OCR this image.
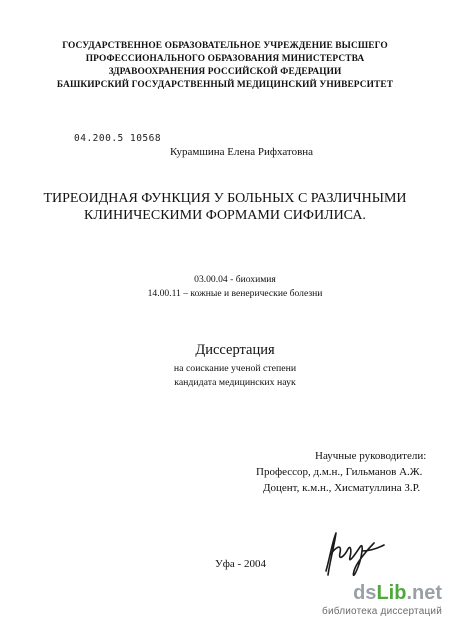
ГОСУДАРСТВЕННОЕ ОБРАЗОВАТЕЛЬНОЕ УЧРЕЖДЕНИЕ ВЫСШЕГО
ПРОФЕССИОНАЛЬНОГО ОБРАЗОВАНИЯ МИНИСТЕРСТВА
ЗДРАВООХРАНЕНИЯ РОССИЙСКОЙ ФЕДЕРАЦИИ
БАШКИРСКИЙ ГОСУДАРСТВЕННЫЙ МЕДИЦИНСКИЙ УНИВЕРСИТЕТ
04.200.5 10568
Курамшина Елена Рифхатовна
ТИРЕОИДНАЯ ФУНКЦИЯ У БОЛЬНЫХ С РАЗЛИЧНЫМИ
КЛИНИЧЕСКИМИ ФОРМАМИ СИФИЛИСА.
03.00.04 - биохимия
14.00.11 – кожные и венерические болезни
Диссертация
на соискание ученой степени
кандидата медицинских наук
Научные руководители:
Профессор, д.м.н., Гильманов А.Ж.
Доцент, к.м.н., Хисматуллина З.Р.
Уфа - 2004
dsLib.net
библиотека диссертаций
